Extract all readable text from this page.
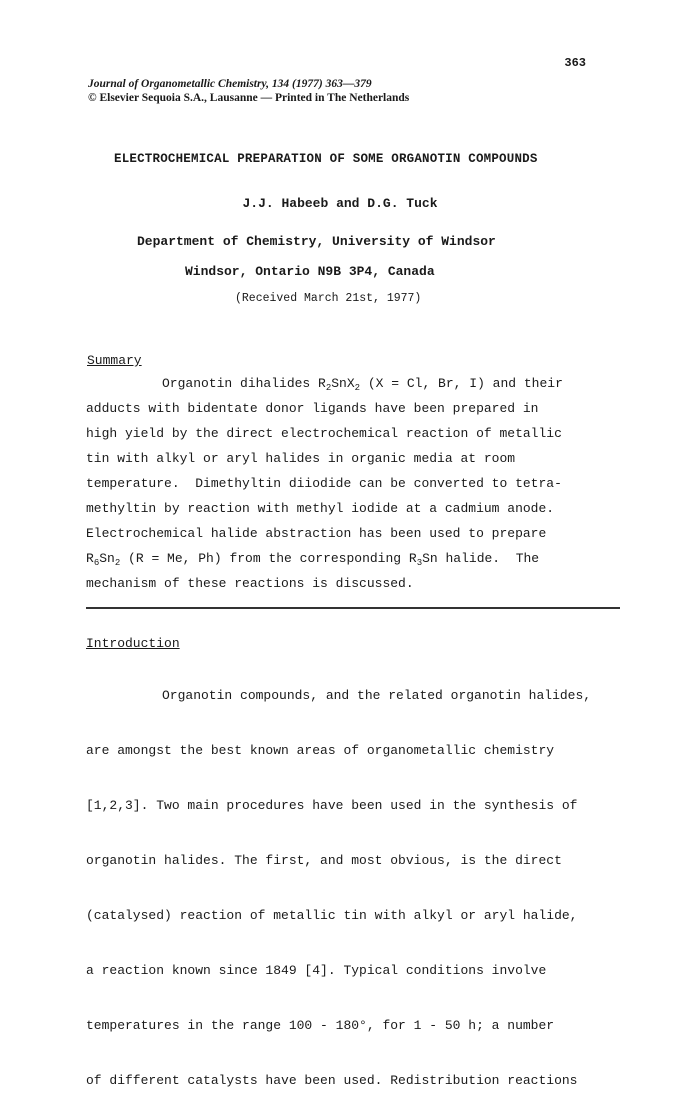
363
Journal of Organometallic Chemistry, 134 (1977) 363—379
© Elsevier Sequoia S.A., Lausanne — Printed in The Netherlands
ELECTROCHEMICAL PREPARATION OF SOME ORGANOTIN COMPOUNDS
J.J. Habeeb and D.G. Tuck
Department of Chemistry, University of Windsor
Windsor, Ontario N9B 3P4, Canada
(Received March 21st, 1977)
Summary
Organotin dihalides $R_2SnX_2$ (X = Cl, Br, I) and their
adducts with bidentate donor ligands have been prepared in
high yield by the direct electrochemical reaction of metallic
tin with alkyl or aryl halides in organic media at room
temperature.  Dimethyltin diiodide can be converted to tetra-
methyltin by reaction with methyl iodide at a cadmium anode.
Electrochemical halide abstraction has been used to prepare
$R_6Sn_2$ (R = Me, Ph) from the corresponding $R_3Sn$ halide.  The
mechanism of these reactions is discussed.
Introduction

Organotin compounds, and the related organotin halides,

are amongst the best known areas of organometallic chemistry

[1,2,3]. Two main procedures have been used in the synthesis of

organotin halides. The first, and most obvious, is the direct

(catalysed) reaction of metallic tin with alkyl or aryl halide,

a reaction known since 1849 [4]. Typical conditions involve

temperatures in the range 100 - 180°, for 1 - 50 h; a number

of different catalysts have been used. Redistribution reactions
